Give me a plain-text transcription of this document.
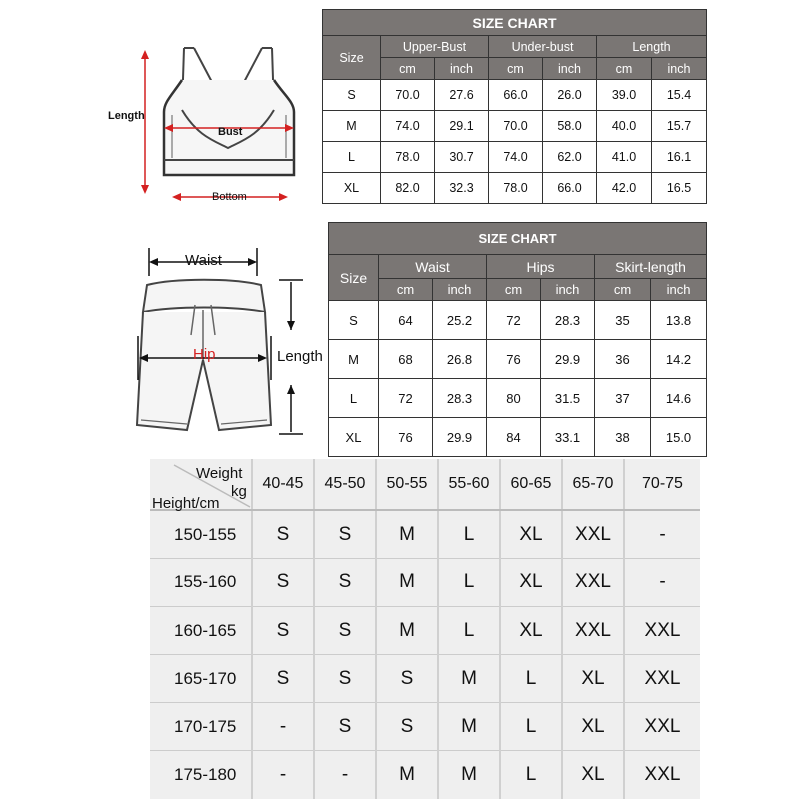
Length
Bust
Bottom
SIZE CHART						
Size	Upper-Bust		Under-bust		Length	
	cm	inch	cm	inch	cm	inch
S	70.0	27.6	66.0	26.0	39.0	15.4
M	74.0	29.1	70.0	58.0	40.0	15.7
L	78.0	30.7	74.0	62.0	41.0	16.1
XL	82.0	32.3	78.0	66.0	42.0	16.5
Waist
Hip	Length
SIZE CHART						
Size	Waist		Hips		Skirt-length	
	cm	inch	cm	inch	cm	inch
S	64	25.2	72	28.3	35	13.8
M	68	26.8	76	29.9	36	14.2
L	72	28.3	80	31.5	37	14.6
XL	76	29.9	84	33.1	38	15.0
Weight
kg
Height/cm	40-45	45-50	50-55	55-60	60-65	65-70	70-75
150-155	S	S	M	L	XL	XXL	-
155-160	S	S	M	L	XL	XXL	-
160-165	S	S	M	L	XL	XXL	XXL
165-170	S	S	S	M	L	XL	XXL
170-175	-	S	S	M	L	XL	XXL
175-180	-	-	M	M	L	XL	XXL
